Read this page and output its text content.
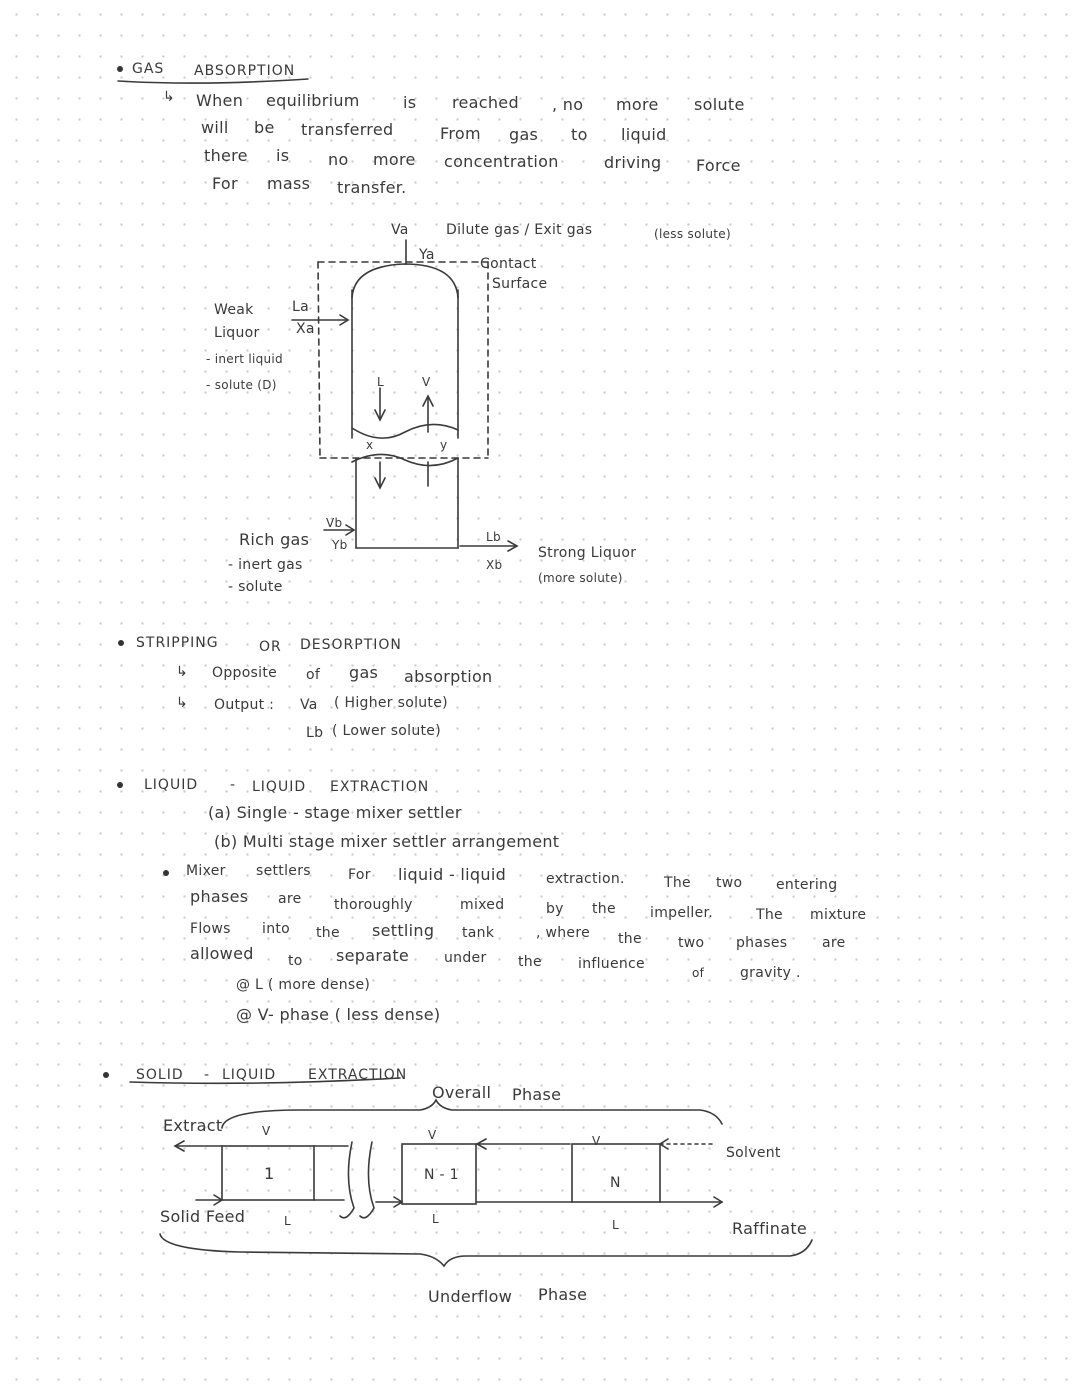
GAS ABSORPTION
↳ When equilibrium	is reached , no more solute
will be transferred	From gas to liquid
there is no more concentration	driving Force
For mass transfer.
Va
Ya
Dilute gas / Exit gas	(less solute)
Contact
Surface
Weak
Liquor
La
Xa
- inert liquid
- solute (D)	L	V
x	y
Vb
Yb
Rich gas
- inert gas
- solute
Lb
Xb
Strong Liquor
(more solute)
STRIPPING	OR DESORPTION
↳ Opposite of gas absorption
↳ Output : Va ( Higher solute)
Lb ( Lower solute)
LIQUID - LIQUID EXTRACTION
(a) Single - stage mixer settler
(b) Multi stage mixer settler arrangement
Mixer settlers	For liquid - liquid	extraction.	The two entering
phases are thoroughly	mixed	by the impeller.	The mixture
Flows into the settling tank	, where the	two phases are
allowed to separate under the	influence
of	gravity .
@ L ( more dense)
@ V- phase ( less dense)
SOLID - LIQUID EXTRACTION
Overall Phase
Extract	V	V	V
1	N - 1	N
Solvent
Solid Feed	L	L	L	Raffinate
Underflow Phase
